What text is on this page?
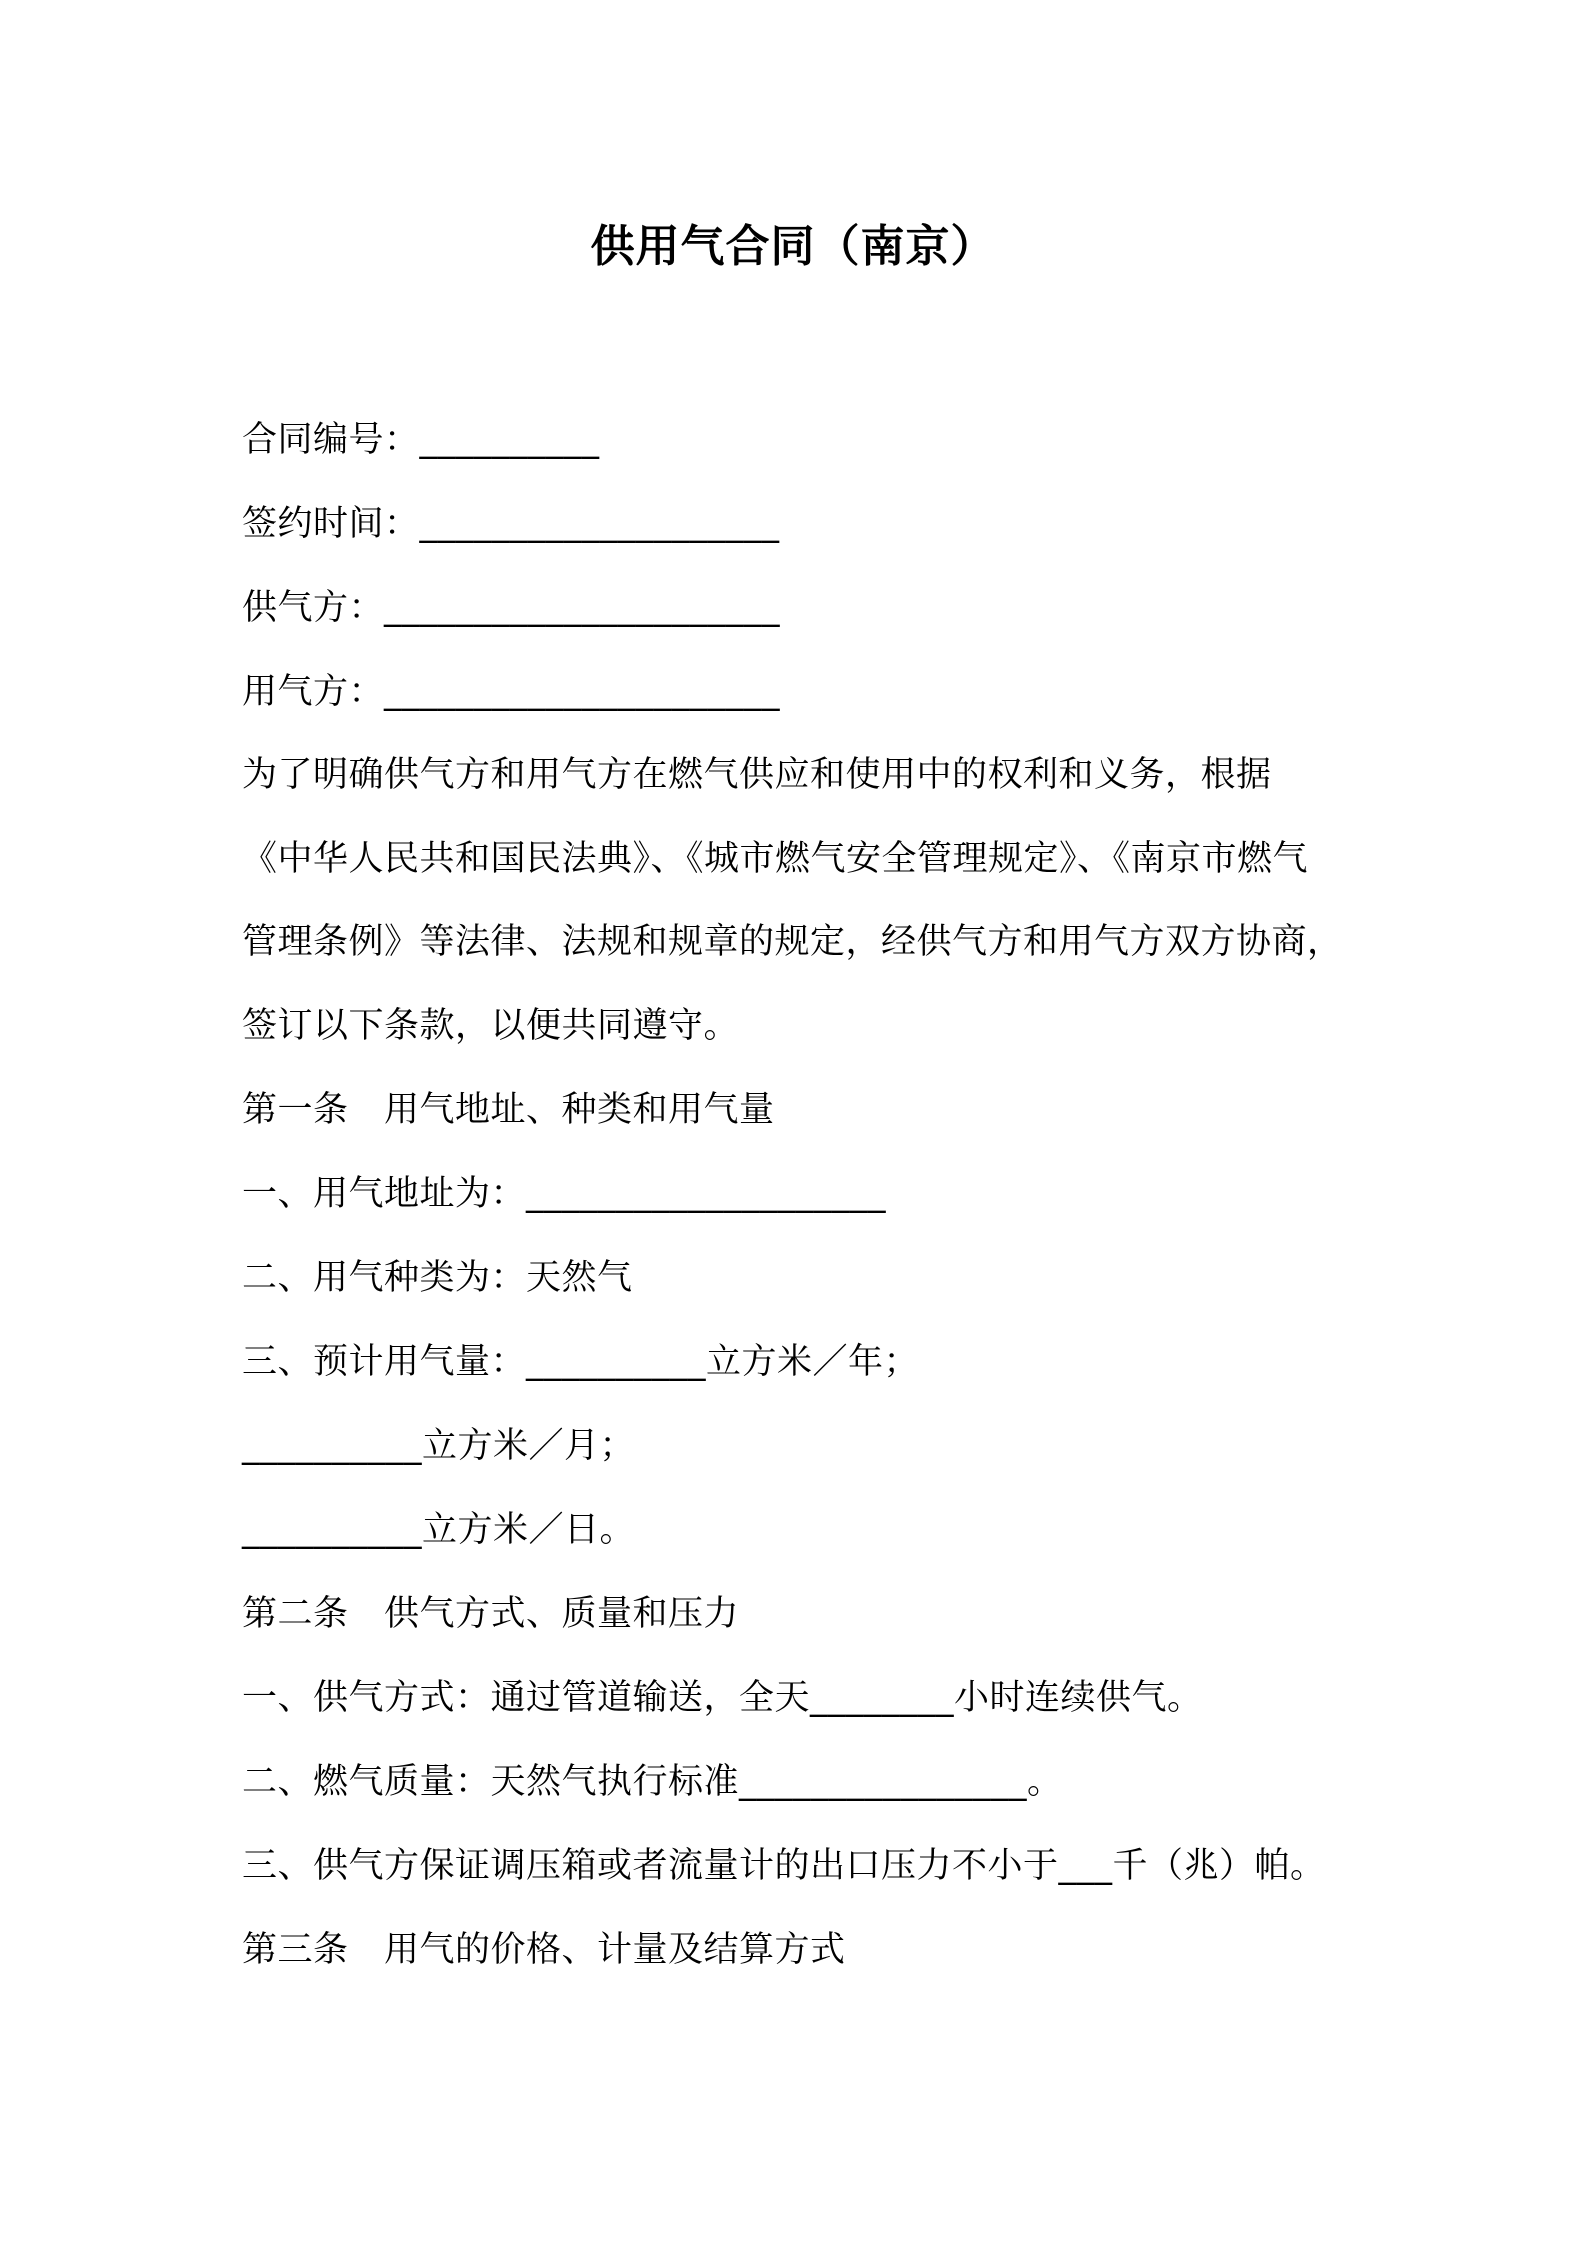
供用气合同（南京）
合同编号：__________
签约时间：____________________
供气方：______________________
用气方：______________________
为了明确供气方和用气方在燃气供应和使用中的权利和义务，根据
《中华人民共和国民法典》、《城市燃气安全管理规定》、《南京市燃气
管理条例》等法律、法规和规章的规定，经供气方和用气方双方协商，
签订以下条款，以便共同遵守。
第一条　用气地址、种类和用气量
一、用气地址为：____________________
二、用气种类为：天然气
三、预计用气量：__________立方米／年；
__________立方米／月；
__________立方米／日。
第二条　供气方式、质量和压力
一、供气方式：通过管道输送，全天________小时连续供气。
二、燃气质量：天然气执行标准________________。
三、供气方保证调压箱或者流量计的出口压力不小于___千（兆）帕。
第三条　用气的价格、计量及结算方式
